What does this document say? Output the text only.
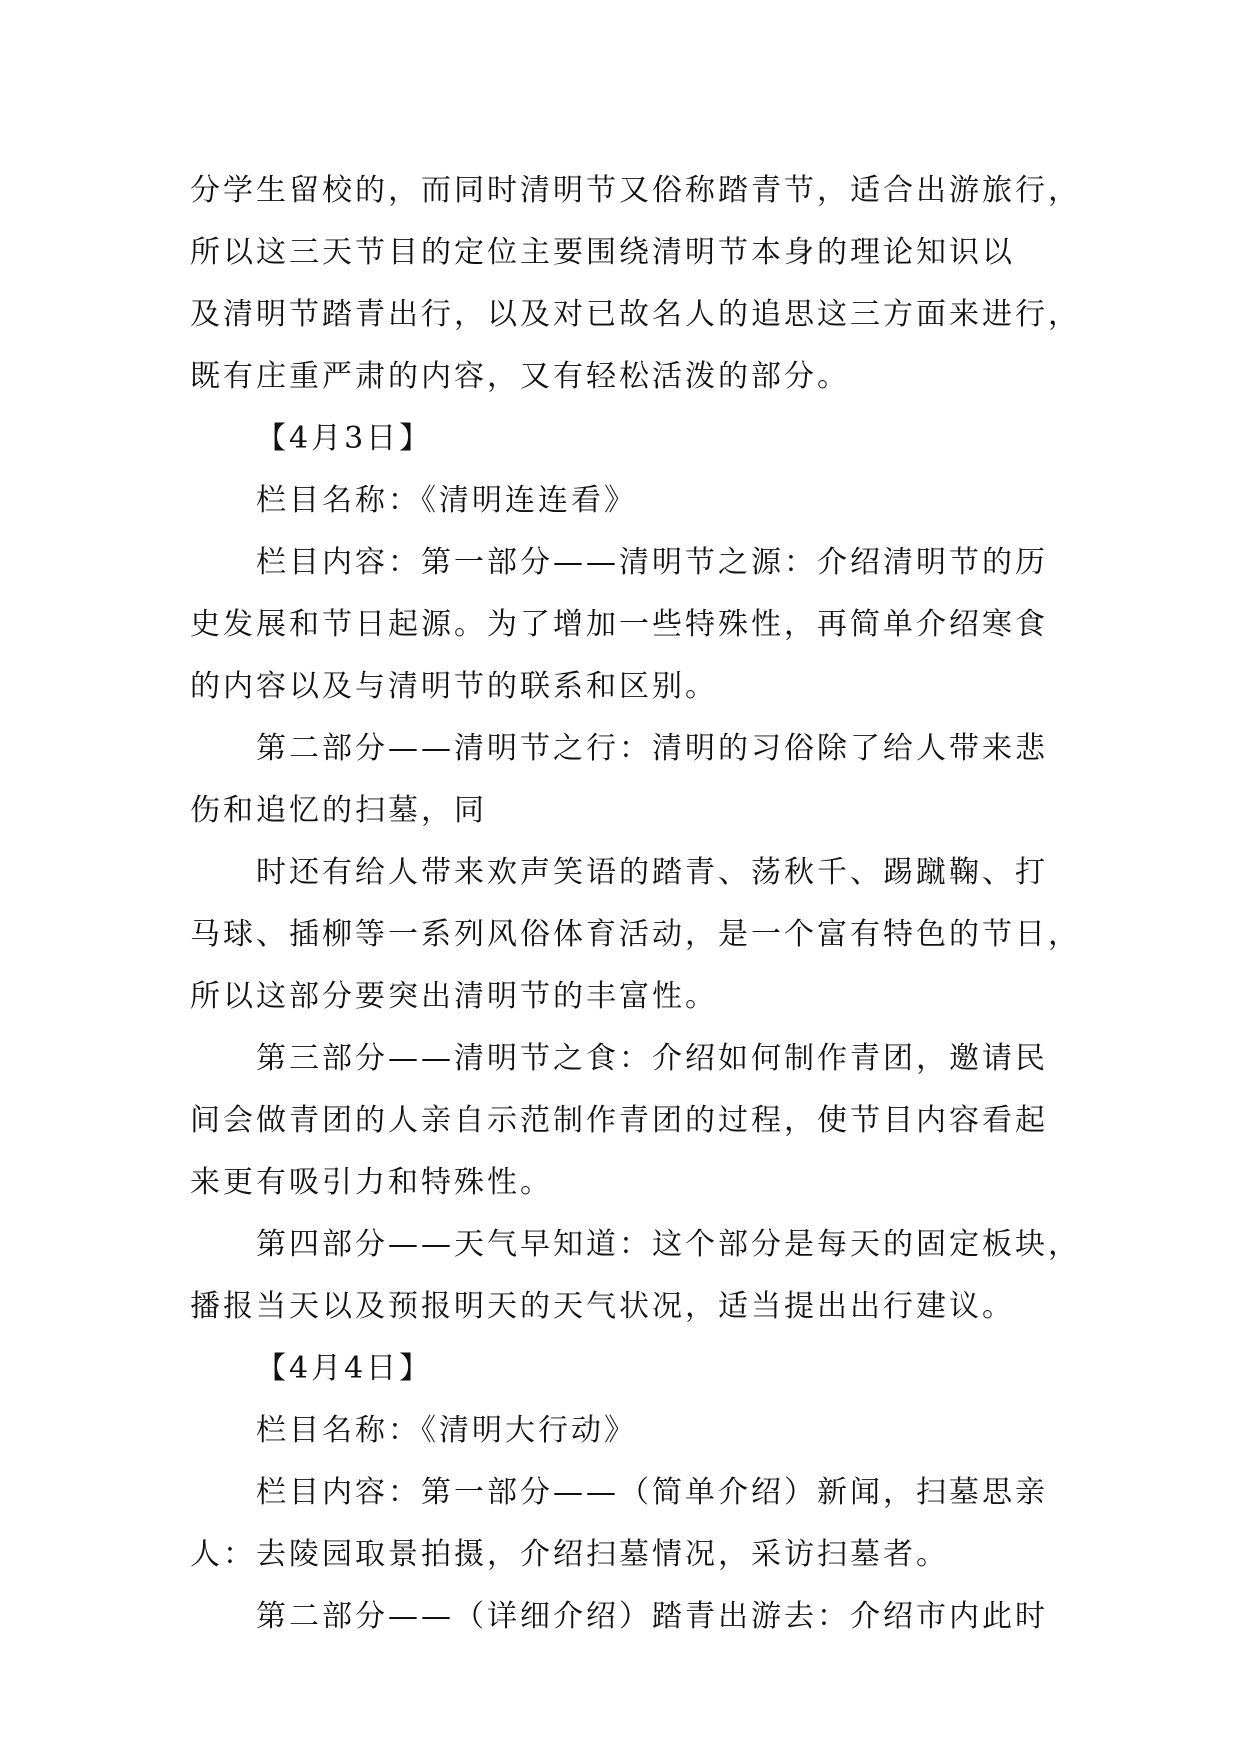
分学生留校的，而同时清明节又俗称踏青节，适合出游旅行，
所以这三天节目的定位主要围绕清明节本身的理论知识以
及清明节踏青出行，以及对已故名人的追思这三方面来进行，
既有庄重严肃的内容，又有轻松活泼的部分。
【4月3日】
栏目名称：《清明连连看》
栏目内容：第一部分——清明节之源：介绍清明节的历
史发展和节日起源。为了增加一些特殊性，再简单介绍寒食
的内容以及与清明节的联系和区别。
第二部分——清明节之行：清明的习俗除了给人带来悲
伤和追忆的扫墓，同
时还有给人带来欢声笑语的踏青、荡秋千、踢蹴鞠、打
马球、插柳等一系列风俗体育活动，是一个富有特色的节日，
所以这部分要突出清明节的丰富性。
第三部分——清明节之食：介绍如何制作青团，邀请民
间会做青团的人亲自示范制作青团的过程，使节目内容看起
来更有吸引力和特殊性。
第四部分——天气早知道：这个部分是每天的固定板块，
播报当天以及预报明天的天气状况，适当提出出行建议。
【4月4日】
栏目名称：《清明大行动》
栏目内容：第一部分——（简单介绍）新闻，扫墓思亲
人：去陵园取景拍摄，介绍扫墓情况，采访扫墓者。
第二部分——（详细介绍）踏青出游去：介绍市内此时
